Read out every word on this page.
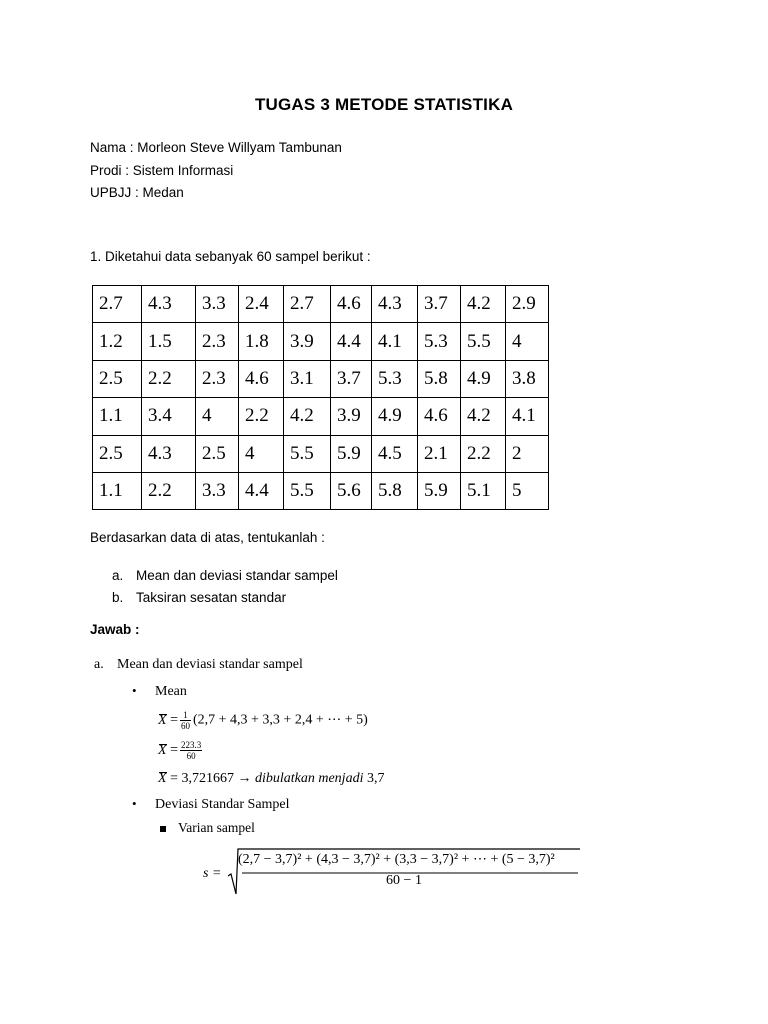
TUGAS 3 METODE STATISTIKA
Nama : Morleon Steve Willyam Tambunan
Prodi : Sistem Informasi
UPBJJ : Medan
1. Diketahui data sebanyak 60 sampel berikut :
2.7	4.3	3.3	2.4	2.7	4.6	4.3	3.7	4.2	2.9
1.2	1.5	2.3	1.8	3.9	4.4	4.1	5.3	5.5	4
2.5	2.2	2.3	4.6	3.1	3.7	5.3	5.8	4.9	3.8
1.1	3.4	4	2.2	4.2	3.9	4.9	4.6	4.2	4.1
2.5	4.3	2.5	4	5.5	5.9	4.5	2.1	2.2	2
1.1	2.2	3.3	4.4	5.5	5.6	5.8	5.9	5.1	5
Berdasarkan data di atas, tentukanlah :
a. Mean dan deviasi standar sampel
b. Taksiran sesatan standar
Jawab :
a. Mean dan deviasi standar sampel
• Mean
$X = \frac{1}{60} (2,7 + 4,3 + 3,3 + 2,4$ + ⋯ + 5)
$X = \frac{223.3}{60}$
X = 3,721667 → dibulatkan menjadi 3,7
• Deviasi Standar Sampel
Varian sampel
s =
(2,7 − 3,7)² + (4,3 − 3,7)² + (3,3 − 3,7)² + ⋯ + (5 − 3,7)²
60 − 1
